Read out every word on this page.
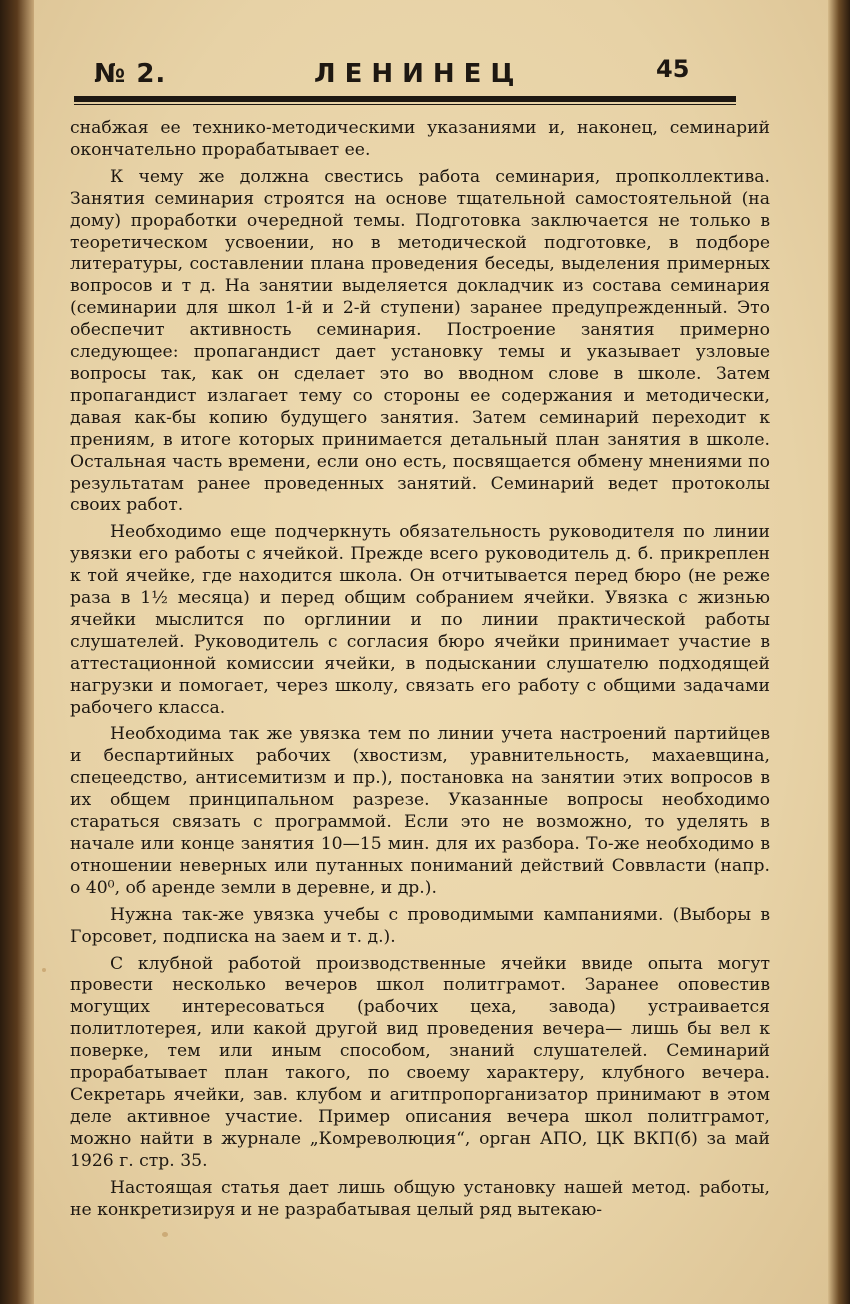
№ 2.	ЛЕНИНЕЦ	45

снабжая ее технико-методическими указаниями и, наконец, семинарий окончательно прорабатывает ее.

К чему же должна свестись работа семинария, пропколлектива. Занятия семинария строятся на основе тщательной самостоятельной (на дому) проработки очередной темы. Подготовка заключается не только в теоретическом усвоении, но в методической подготовке, в подборе литературы, составлении плана проведения беседы, выделения примерных вопросов и т д. На занятии выделяется докладчик из состава семинария (семинарии для школ 1-й и 2-й ступени) заранее предупрежденный. Это обеспечит активность семинария. Построение занятия примерно следующее: пропагандист дает установку темы и указывает узловые вопросы так, как он сделает это во вводном слове в школе. Затем пропагандист излагает тему со стороны ее содержания и методически, давая как-бы копию будущего занятия. Затем семинарий переходит к прениям, в итоге которых принимается детальный план занятия в школе. Остальная часть времени, если оно есть, посвящается обмену мнениями по результатам ранее проведенных занятий. Семинарий ведет протоколы своих работ.

Необходимо еще подчеркнуть обязательность руководителя по линии увязки его работы с ячейкой. Прежде всего руководитель д. б. прикреплен к той ячейке, где находится школа. Он отчитывается перед бюро (не реже раза в 1½ месяца) и перед общим собранием ячейки. Увязка с жизнью ячейки мыслится по орглинии и по линии практической работы слушателей. Руководитель с согласия бюро ячейки принимает участие в аттестационной комиссии ячейки, в подыскании слушателю подходящей нагрузки и помогает, через школу, связать его работу с общими задачами рабочего класса.

Необходима так же увязка тем по линии учета настроений партийцев и беспартийных рабочих (хвостизм, уравнительность, махаевщина, спецеедство, антисемитизм и пр.), постановка на занятии этих вопросов в их общем принципальном разрезе. Указанные вопросы необходимо стараться связать с программой. Если это не возможно, то уделять в начале или конце занятия 10—15 мин. для их разбора. То-же необходимо в отношении неверных или путанных пониманий действий Соввласти (напр. о 40⁰, об аренде земли в деревне, и др.).

Нужна так-же увязка учебы с проводимыми кампаниями. (Выборы в Горсовет, подписка на заем и т. д.).

С клубной работой производственные ячейки ввиде опыта могут провести несколько вечеров школ политграмот. Заранее оповестив могущих интересоваться (рабочих цеха, завода) устраивается политлотерея, или какой другой вид проведения вечера— лишь бы вел к поверке, тем или иным способом, знаний слушателей. Семинарий прорабатывает план такого, по своему характеру, клубного вечера. Секретарь ячейки, зав. клубом и агитпропорганизатор принимают в этом деле активное участие. Пример описания вечера школ политграмот, можно найти в журнале „Комреволюция“, орган АПО, ЦК ВКП(б) за май 1926 г. стр. 35.

Настоящая статья дает лишь общую установку нашей метод. работы, не конкретизируя и не разрабатывая целый ряд вытекаю-
